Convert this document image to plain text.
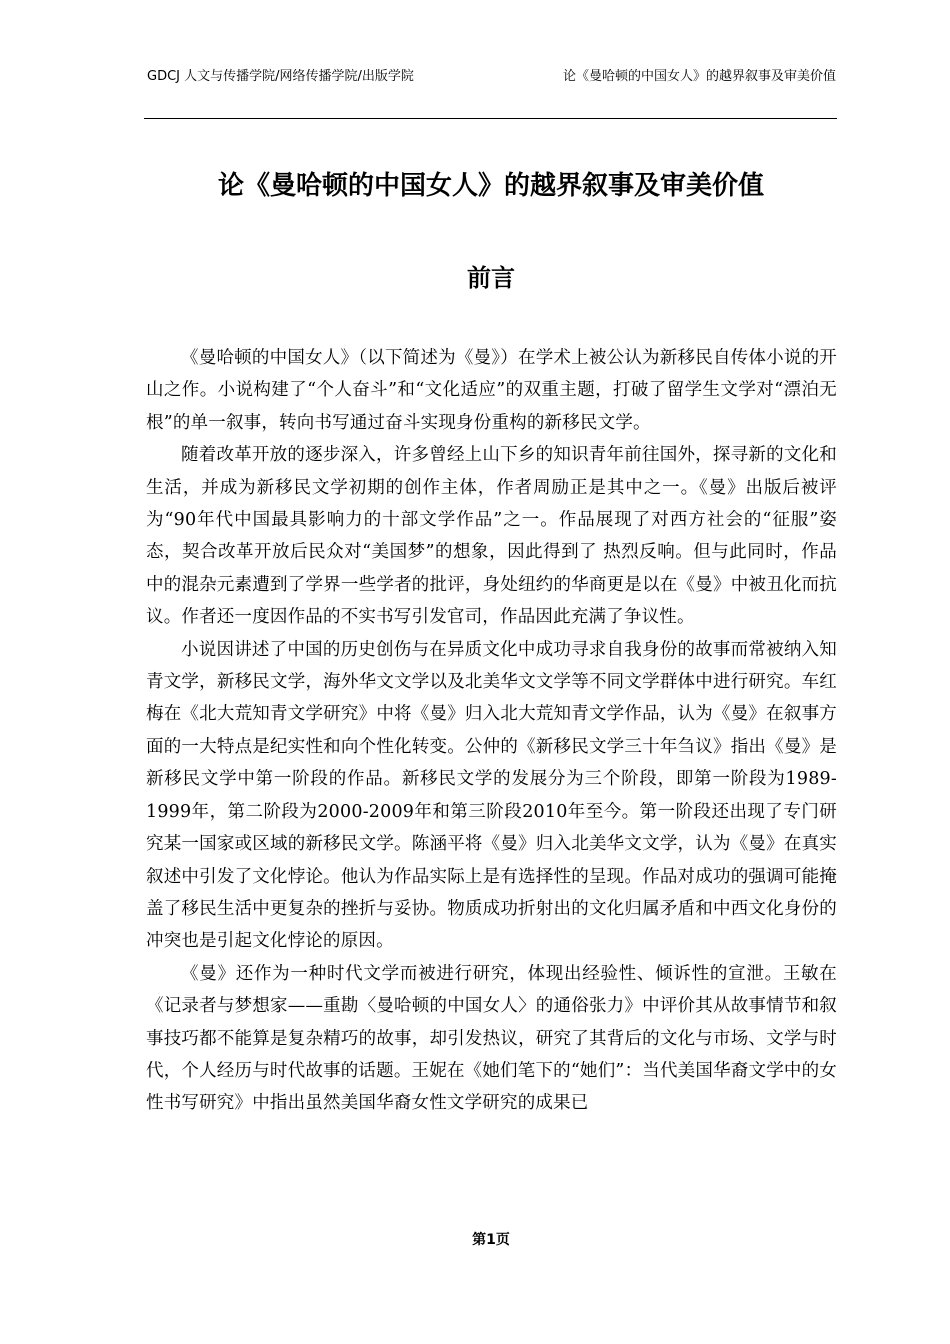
GDCJ 人文与传播学院/网络传播学院/出版学院	论《曼哈顿的中国女人》的越界叙事及审美价值
论《曼哈顿的中国女人》的越界叙事及审美价值
前言

《曼哈顿的中国女人》（以下简述为《曼》）在学术上被公认为新移民自传体小说的开山之作。小说构建了“个人奋斗”和“文化适应”的双重主题，打破了留学生文学对“漂泊无根”的单一叙事，转向书写通过奋斗实现身份重构的新移民文学。

随着改革开放的逐步深入，许多曾经上山下乡的知识青年前往国外，探寻新的文化和生活，并成为新移民文学初期的创作主体，作者周励正是其中之一。《曼》出版后被评为“90年代中国最具影响力的十部文学作品”之一。作品展现了对西方社会的“征服”姿态，契合改革开放后民众对“美国梦”的想象，因此得到了 热烈反响。但与此同时，作品中的混杂元素遭到了学界一些学者的批评，身处纽约的华商更是以在《曼》中被丑化而抗议。作者还一度因作品的不实书写引发官司，作品因此充满了争议性。

小说因讲述了中国的历史创伤与在异质文化中成功寻求自我身份的故事而常被纳入知青文学，新移民文学，海外华文文学以及北美华文文学等不同文学群体中进行研究。车红梅在《北大荒知青文学研究》中将《曼》归入北大荒知青文学作品，认为《曼》在叙事方面的一大特点是纪实性和向个性化转变。公仲的《新移民文学三十年刍议》指出《曼》是新移民文学中第一阶段的作品。新移民文学的发展分为三个阶段，即第一阶段为1989-1999年，第二阶段为2000-2009年和第三阶段2010年至今。第一阶段还出现了专门研究某一国家或区域的新移民文学。陈涵平将《曼》归入北美华文文学，认为《曼》在真实叙述中引发了文化悖论。他认为作品实际上是有选择性的呈现。作品对成功的强调可能掩盖了移民生活中更复杂的挫折与妥协。物质成功折射出的文化归属矛盾和中西文化身份的冲突也是引起文化悖论的原因。

《曼》还作为一种时代文学而被进行研究，体现出经验性、倾诉性的宣泄。王敏在《记录者与梦想家——重勘〈曼哈顿的中国女人〉的通俗张力》中评价其从故事情节和叙事技巧都不能算是复杂精巧的故事，却引发热议，研究了其背后的文化与市场、文学与时代，个人经历与时代故事的话题。王妮在《她们笔下的“她们”：当代美国华裔文学中的女性书写研究》中指出虽然美国华裔女性文学研究的成果已

第1页
